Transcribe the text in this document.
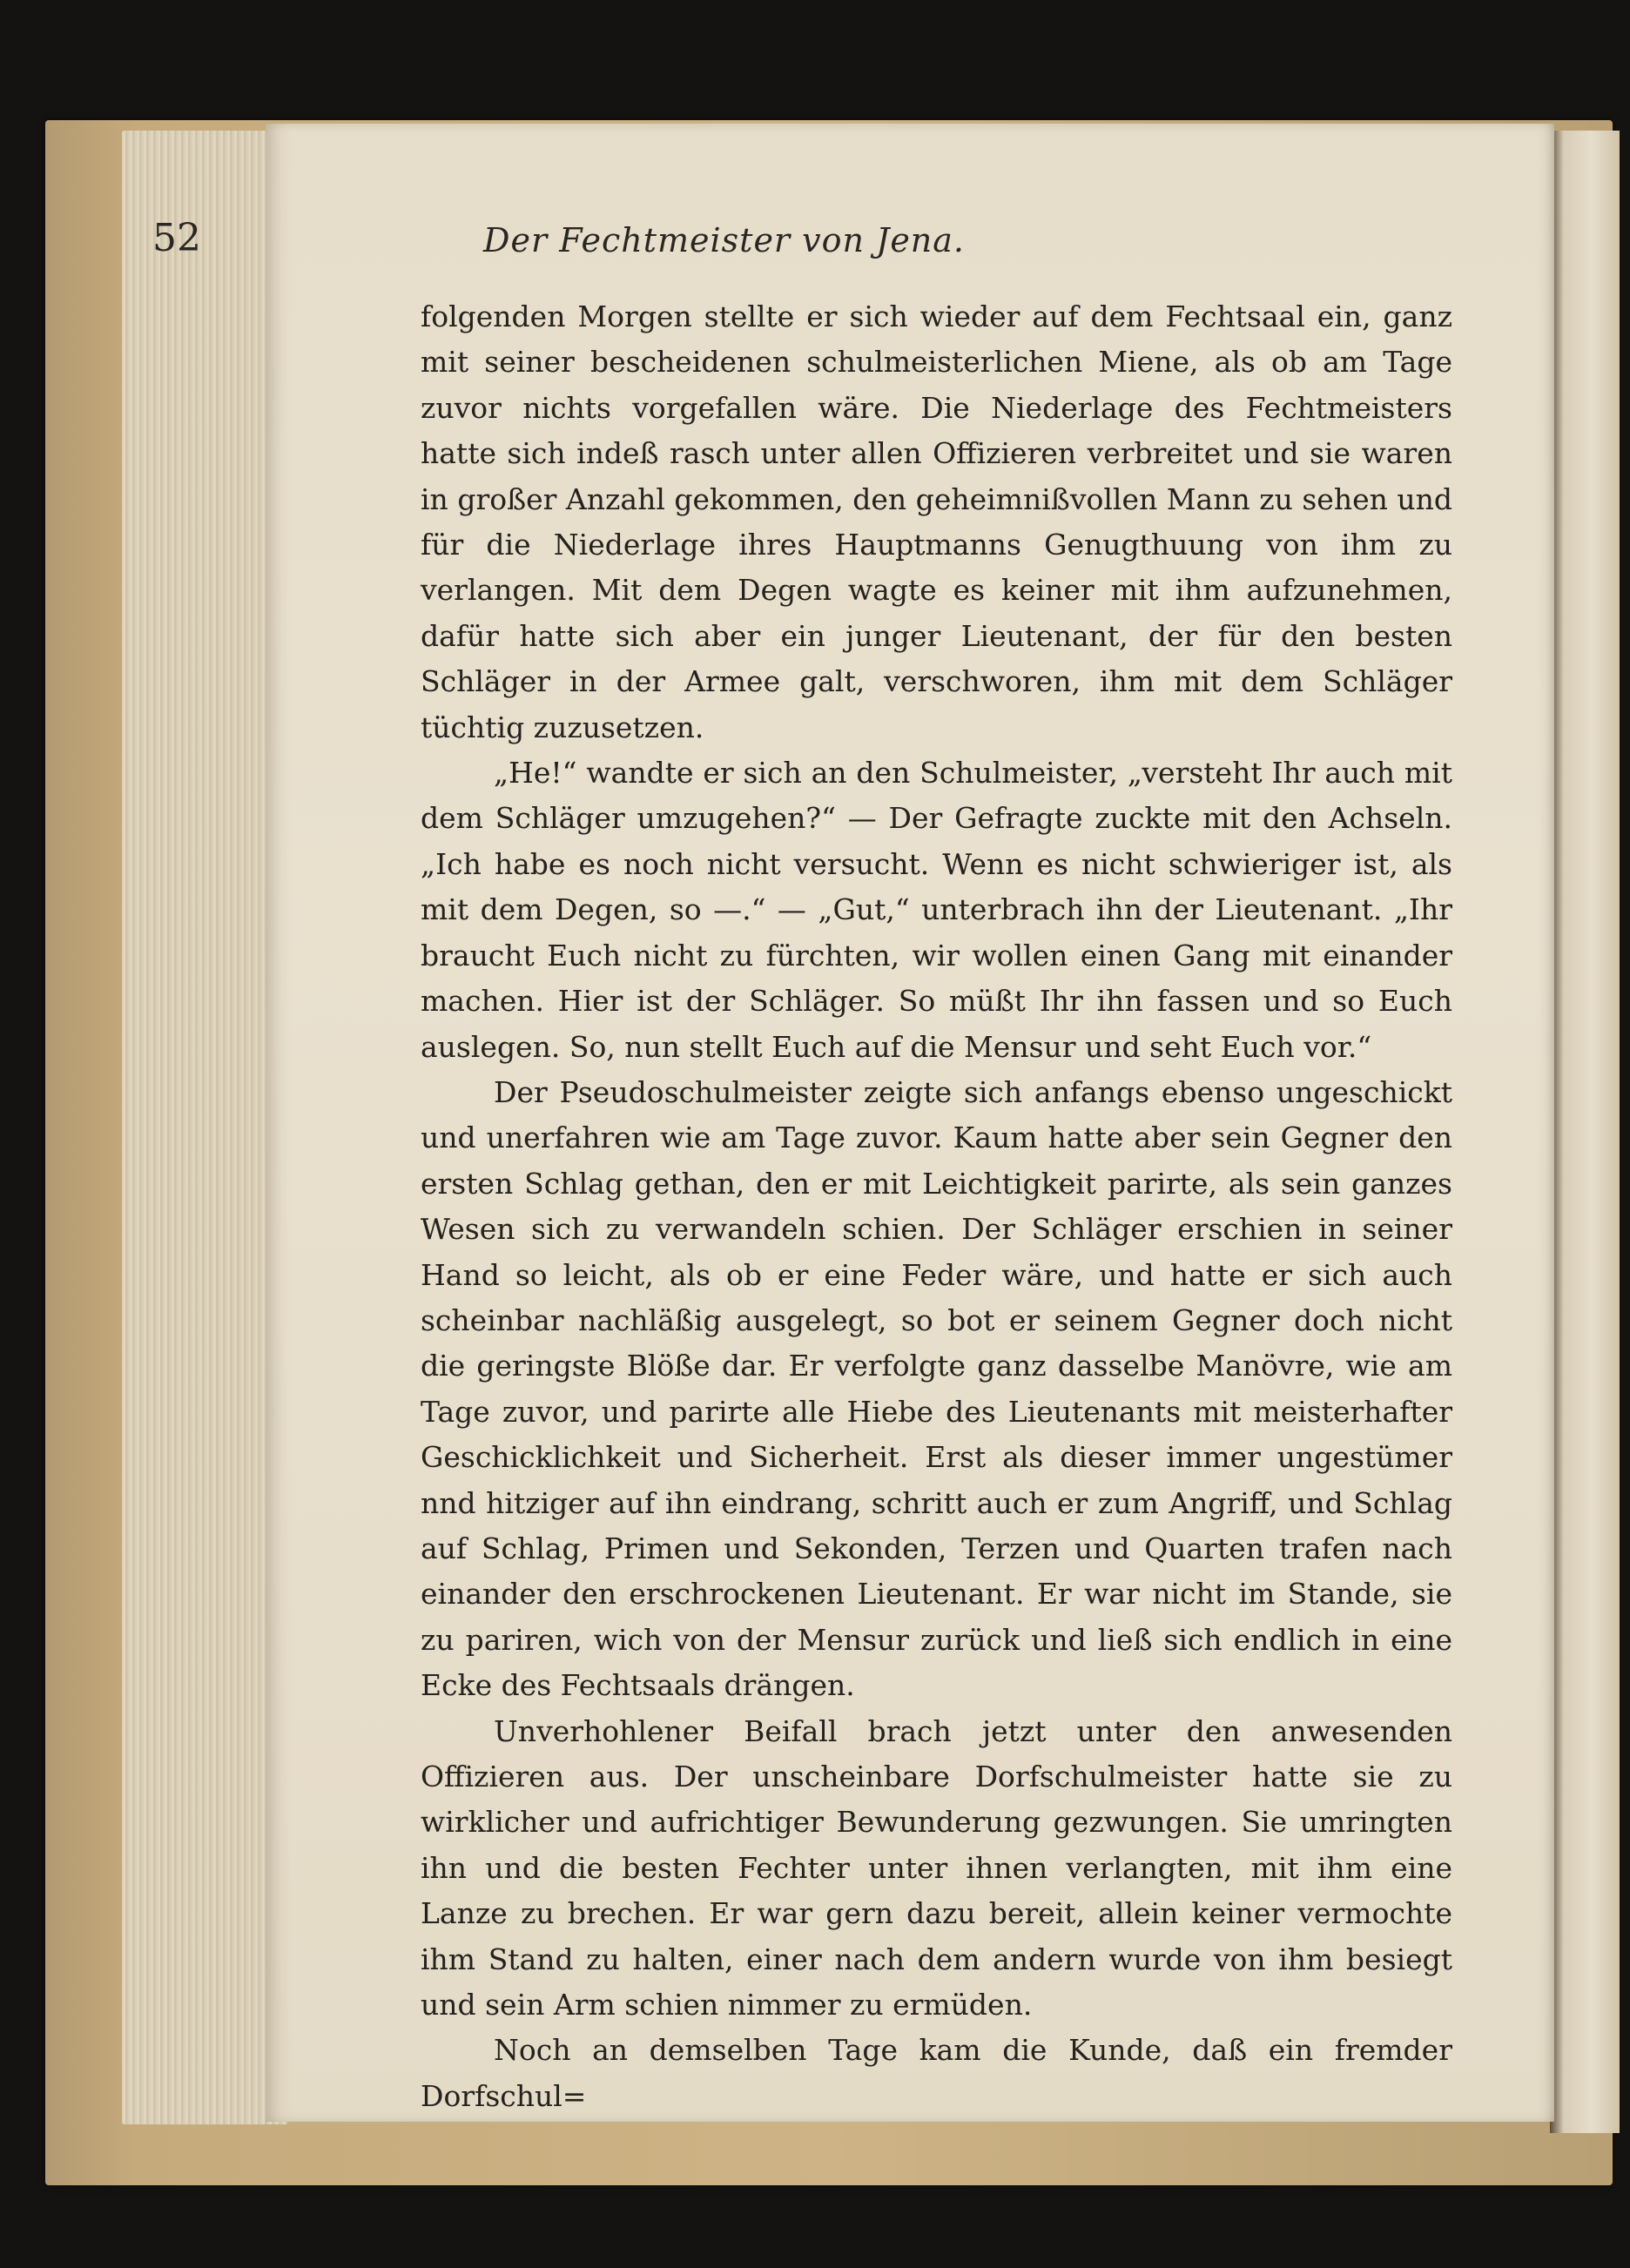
52	Der Fechtmeister von Jena.

folgenden Morgen stellte er sich wieder auf dem Fechtsaal ein, ganz mit seiner bescheidenen schulmeisterlichen Miene, als ob am Tage zuvor nichts vorgefallen wäre. Die Niederlage des Fechtmeisters hatte sich indeß rasch unter allen Offizieren verbreitet und sie waren in großer Anzahl gekommen, den geheimnißvollen Mann zu sehen und für die Niederlage ihres Hauptmanns Genugthuung von ihm zu verlangen. Mit dem Degen wagte es keiner mit ihm aufzunehmen, dafür hatte sich aber ein junger Lieutenant, der für den besten Schläger in der Armee galt, verschworen, ihm mit dem Schläger tüchtig zuzusetzen.

„He!“ wandte er sich an den Schulmeister, „versteht Ihr auch mit dem Schläger umzugehen?“ — Der Gefragte zuckte mit den Achseln. „Ich habe es noch nicht versucht. Wenn es nicht schwieriger ist, als mit dem Degen, so —.“ — „Gut,“ unterbrach ihn der Lieutenant. „Ihr braucht Euch nicht zu fürchten, wir wollen einen Gang mit einander machen. Hier ist der Schläger. So müßt Ihr ihn fassen und so Euch auslegen. So, nun stellt Euch auf die Mensur und seht Euch vor.“

Der Pseudoschulmeister zeigte sich anfangs ebenso ungeschickt und unerfahren wie am Tage zuvor. Kaum hatte aber sein Gegner den ersten Schlag gethan, den er mit Leichtigkeit parirte, als sein ganzes Wesen sich zu verwandeln schien. Der Schläger erschien in seiner Hand so leicht, als ob er eine Feder wäre, und hatte er sich auch scheinbar nachläßig ausgelegt, so bot er seinem Gegner doch nicht die geringste Blöße dar. Er verfolgte ganz dasselbe Manövre, wie am Tage zuvor, und parirte alle Hiebe des Lieutenants mit meisterhafter Geschicklichkeit und Sicherheit. Erst als dieser immer ungestümer nnd hitziger auf ihn eindrang, schritt auch er zum Angriff, und Schlag auf Schlag, Primen und Sekonden, Terzen und Quarten trafen nach einander den erschrockenen Lieutenant. Er war nicht im Stande, sie zu pariren, wich von der Mensur zurück und ließ sich endlich in eine Ecke des Fechtsaals drängen.

Unverhohlener Beifall brach jetzt unter den anwesenden Offizieren aus. Der unscheinbare Dorfschulmeister hatte sie zu wirklicher und aufrichtiger Bewunderung gezwungen. Sie umringten ihn und die besten Fechter unter ihnen verlangten, mit ihm eine Lanze zu brechen. Er war gern dazu bereit, allein keiner vermochte ihm Stand zu halten, einer nach dem andern wurde von ihm besiegt und sein Arm schien nimmer zu ermüden.

Noch an demselben Tage kam die Kunde, daß ein fremder Dorfschul=
